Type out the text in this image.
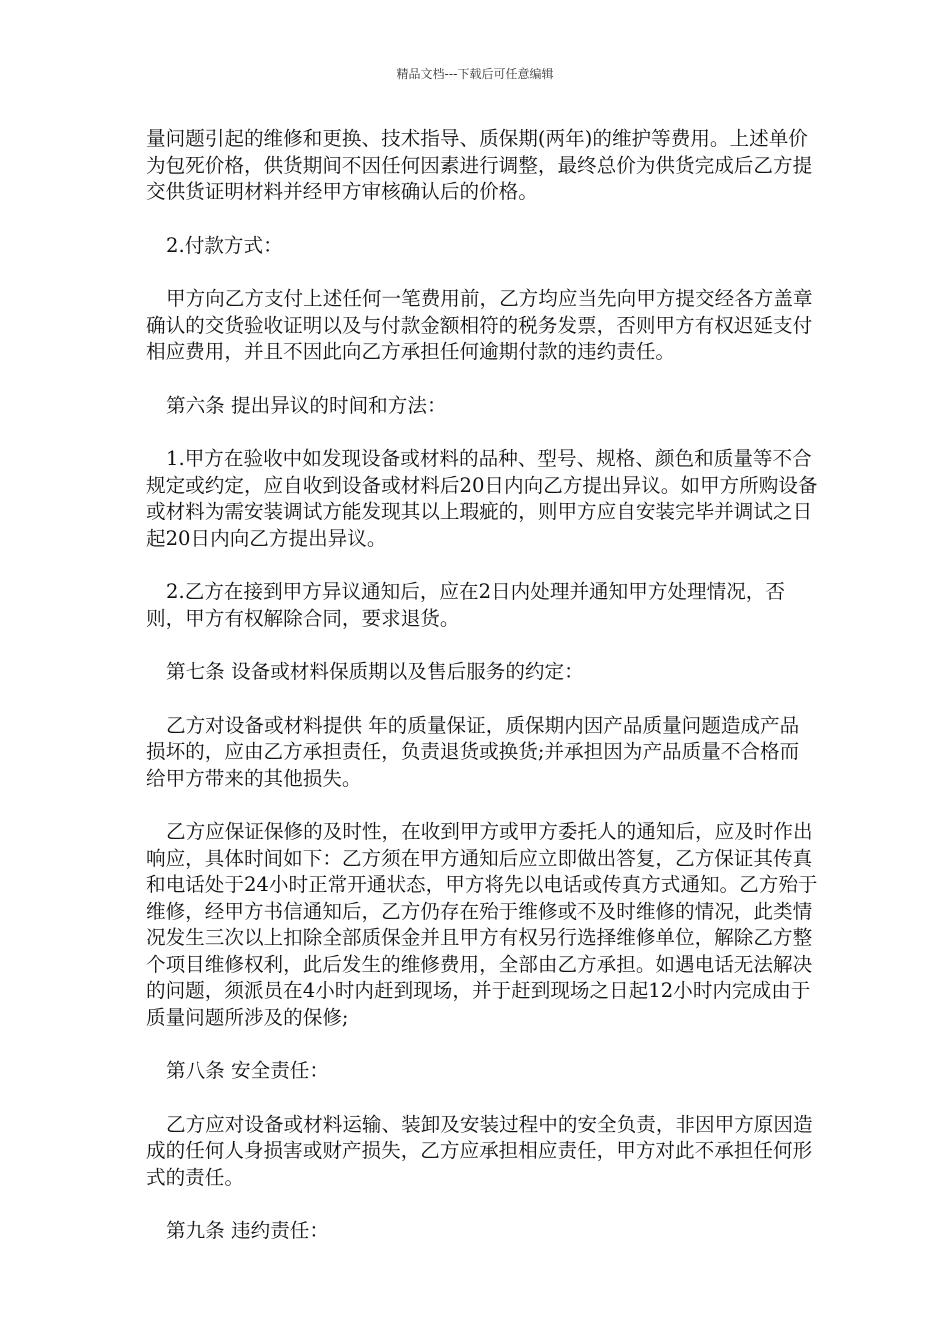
精品文档---下载后可任意编辑

量问题引起的维修和更换、技术指导、质保期(两年)的维护等费用。上述单价为包死价格，供货期间不因任何因素进行调整，最终总价为供货完成后乙方提交供货证明材料并经甲方审核确认后的价格。

2.付款方式：

甲方向乙方支付上述任何一笔费用前，乙方均应当先向甲方提交经各方盖章确认的交货验收证明以及与付款金额相符的税务发票，否则甲方有权迟延支付相应费用，并且不因此向乙方承担任何逾期付款的违约责任。

第六条 提出异议的时间和方法：

1.甲方在验收中如发现设备或材料的品种、型号、规格、颜色和质量等不合规定或约定，应自收到设备或材料后20日内向乙方提出异议。如甲方所购设备或材料为需安装调试方能发现其以上瑕疵的，则甲方应自安装完毕并调试之日起20日内向乙方提出异议。

2.乙方在接到甲方异议通知后，应在2日内处理并通知甲方处理情况，否则，甲方有权解除合同，要求退货。

第七条 设备或材料保质期以及售后服务的约定：

乙方对设备或材料提供 年的质量保证，质保期内因产品质量问题造成产品损坏的，应由乙方承担责任，负责退货或换货;并承担因为产品质量不合格而给甲方带来的其他损失。

乙方应保证保修的及时性，在收到甲方或甲方委托人的通知后，应及时作出响应，具体时间如下：乙方须在甲方通知后应立即做出答复，乙方保证其传真和电话处于24小时正常开通状态，甲方将先以电话或传真方式通知。乙方殆于维修，经甲方书信通知后，乙方仍存在殆于维修或不及时维修的情况，此类情况发生三次以上扣除全部质保金并且甲方有权另行选择维修单位，解除乙方整个项目维修权利，此后发生的维修费用，全部由乙方承担。如遇电话无法解决的问题，须派员在4小时内赶到现场，并于赶到现场之日起12小时内完成由于质量问题所涉及的保修;

第八条 安全责任：

乙方应对设备或材料运输、装卸及安装过程中的安全负责，非因甲方原因造成的任何人身损害或财产损失，乙方应承担相应责任，甲方对此不承担任何形式的责任。

第九条 违约责任：
